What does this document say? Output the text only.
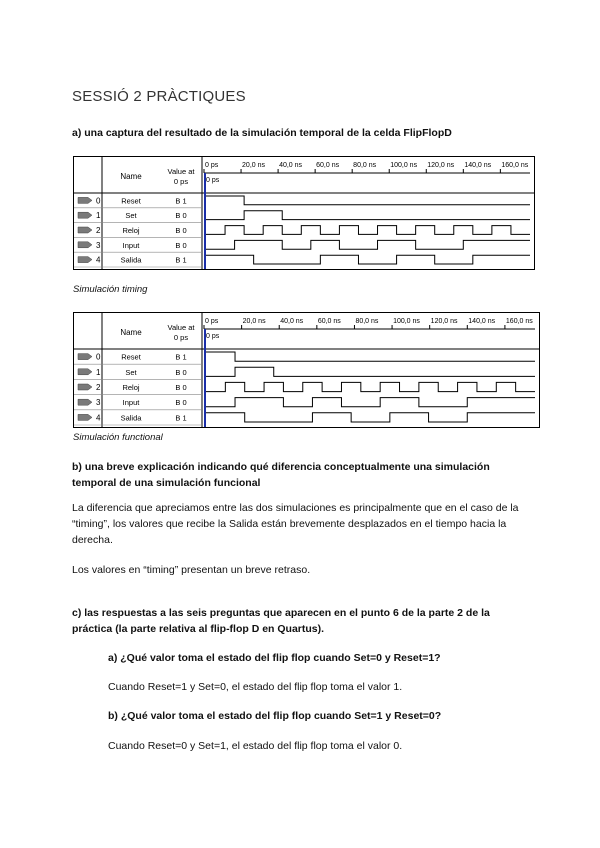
SESSIÓ 2 PRÀCTIQUES
a) una captura del resultado de la simulación temporal de la celda FlipFlopD
Name
Value at
0 ps
0 ps	20,0 ns 40,0 ns 60,0 ns 80,0 ns 100,0 ns 120,0 ns 140,0 ns 160,0 ns
0 ps
0	Reset	B 1
1	Set	B 0
2	Reloj	B 0
3	Input	B 0
4	Salida	B 1
Simulación timing
Name
Value at
0 ps
0 ps	20,0 ns 40,0 ns 60,0 ns 80,0 ns 100,0 ns 120,0 ns 140,0 ns 160,0 ns
0 ps
0	Reset	B 1
1	Set	B 0
2	Reloj	B 0
3	Input	B 0
4	Salida	B 1
Simulación functional
b) una breve explicación indicando qué diferencia conceptualmente una simulación temporal de una simulación funcional
La diferencia que apreciamos entre las dos simulaciones es principalmente que en el caso de la “timing”, los valores que recibe la Salida están brevemente desplazados en el tiempo hacia la derecha.
Los valores en “timing” presentan un breve retraso.
c) las respuestas a las seis preguntas que aparecen en el punto 6 de la parte 2 de la práctica (la parte relativa al flip-flop D en Quartus).
a) ¿Qué valor toma el estado del flip flop cuando Set=0 y Reset=1?
Cuando Reset=1 y Set=0, el estado del flip flop toma el valor 1.
b) ¿Qué valor toma el estado del flip flop cuando Set=1 y Reset=0?
Cuando Reset=0 y Set=1, el estado del flip flop toma el valor 0.
